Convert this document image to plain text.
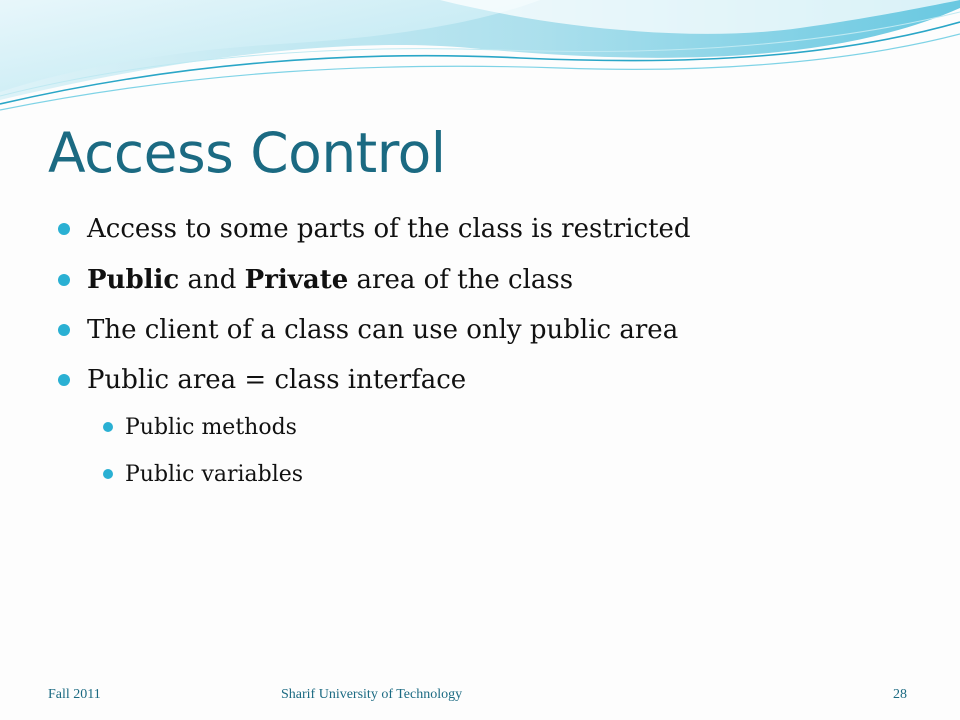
Access Control
Access to some parts of the class is restricted
Public and Private area of the class
The client of a class can use only public area
Public area = class interface
Public methods
Public variables
Fall 2011	Sharif University of Technology	28
